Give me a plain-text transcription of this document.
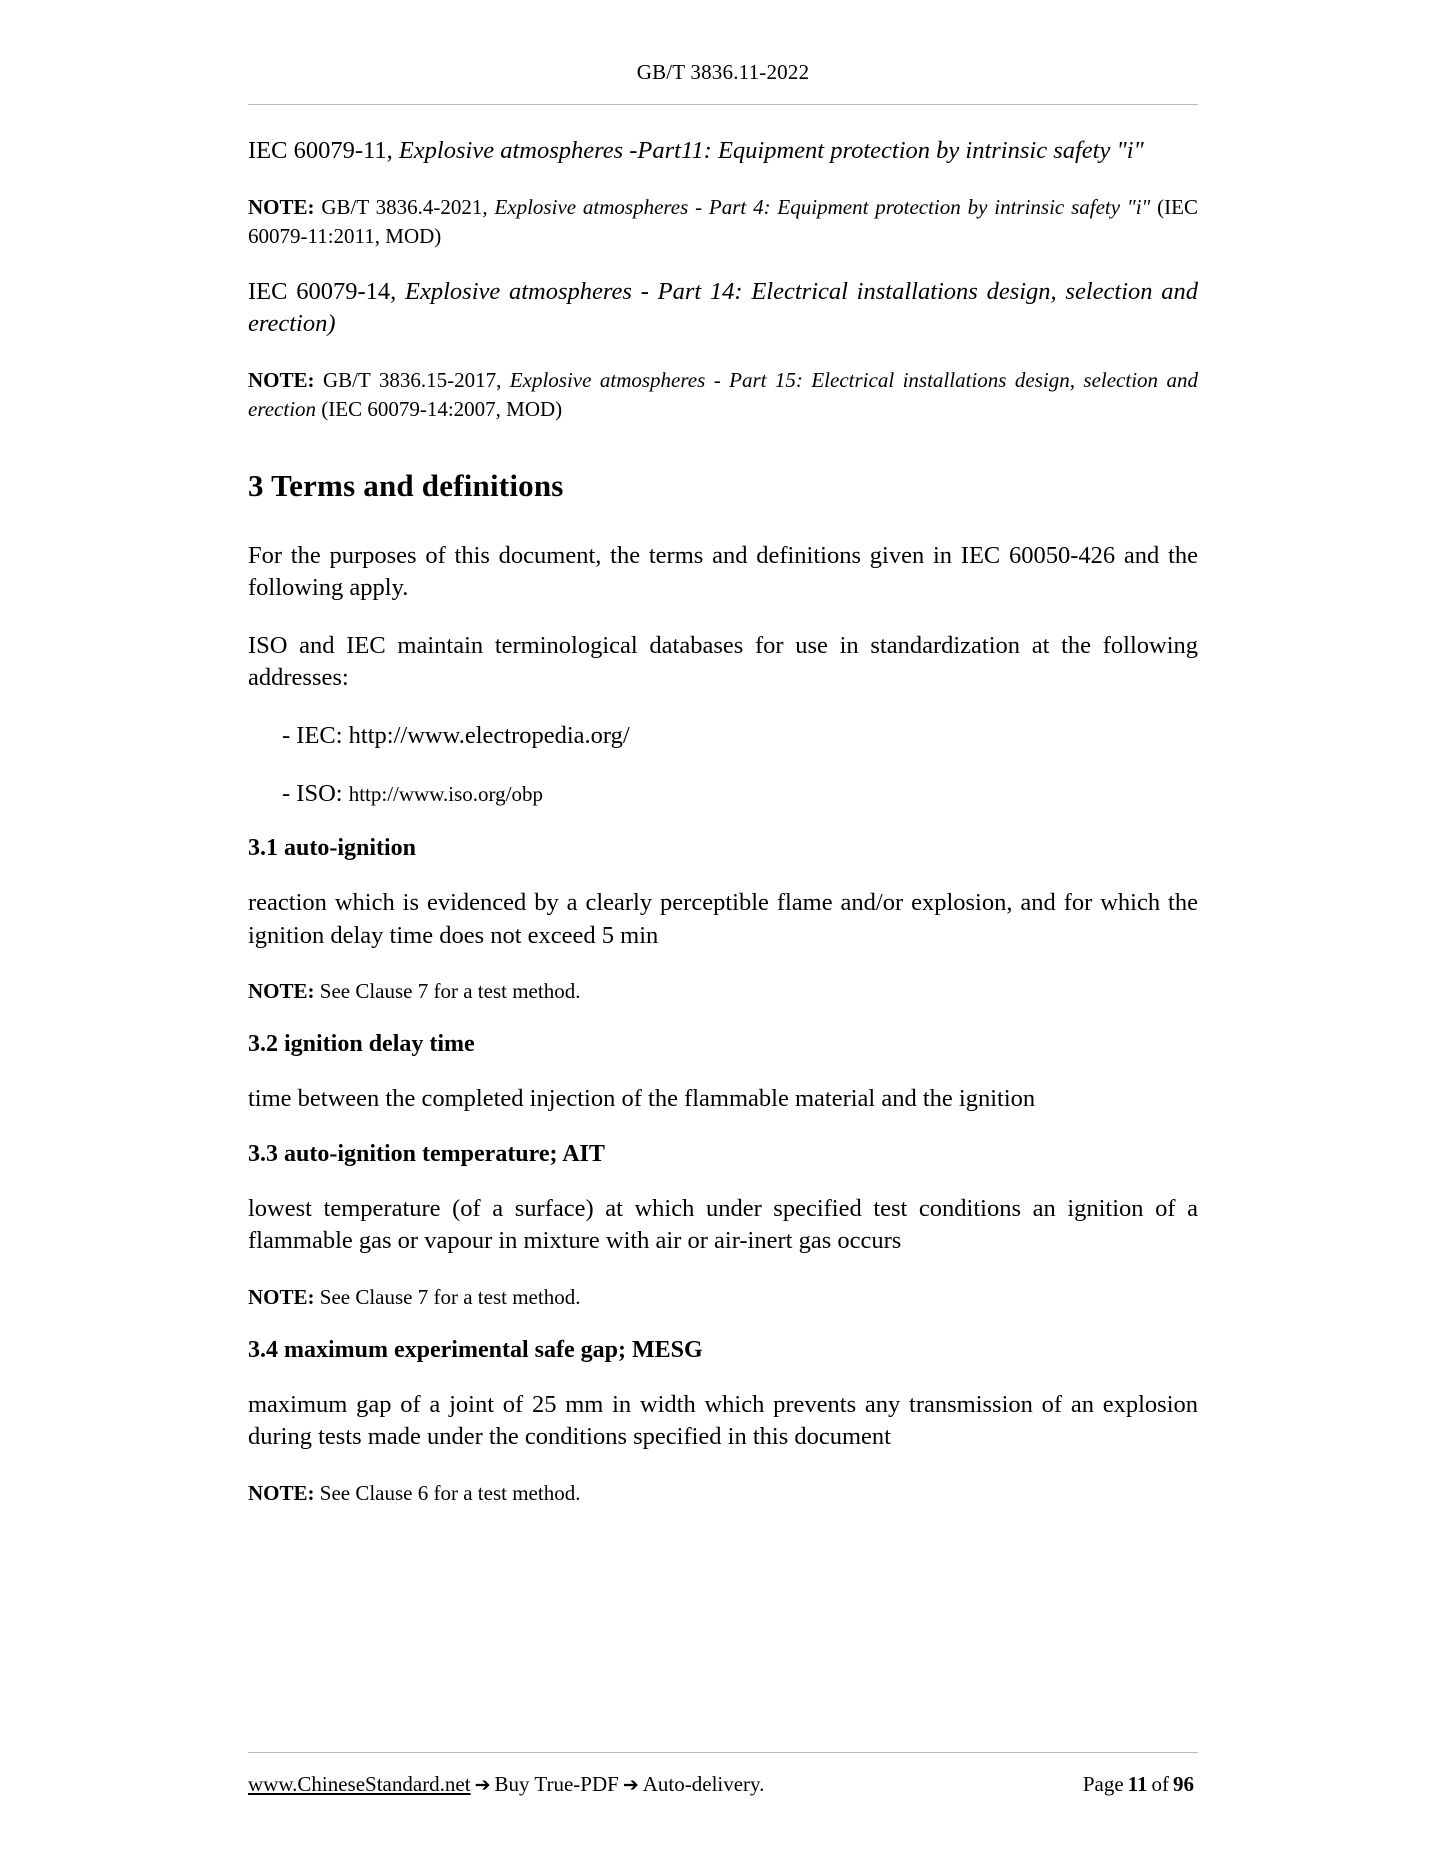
GB/T 3836.11-2022

IEC 60079-11, Explosive atmospheres -Part11: Equipment protection by intrinsic safety "i"

NOTE: GB/T 3836.4-2021, Explosive atmospheres - Part 4: Equipment protection by intrinsic safety "i" (IEC 60079-11:2011, MOD)

IEC 60079-14, Explosive atmospheres - Part 14: Electrical installations design, selection and erection)

NOTE: GB/T 3836.15-2017, Explosive atmospheres - Part 15: Electrical installations design, selection and erection (IEC 60079-14:2007, MOD)

3 Terms and definitions

For the purposes of this document, the terms and definitions given in IEC 60050-426 and the following apply.

ISO and IEC maintain terminological databases for use in standardization at the following addresses:

- IEC: http://www.electropedia.org/
- ISO: http://www.iso.org/obp
3.1 auto-ignition

reaction which is evidenced by a clearly perceptible flame and/or explosion, and for which the ignition delay time does not exceed 5 min

NOTE: See Clause 7 for a test method.

3.2 ignition delay time

time between the completed injection of the flammable material and the ignition

3.3 auto-ignition temperature; AIT

lowest temperature (of a surface) at which under specified test conditions an ignition of a flammable gas or vapour in mixture with air or air-inert gas occurs

NOTE: See Clause 7 for a test method.

3.4 maximum experimental safe gap; MESG

maximum gap of a joint of 25 mm in width which prevents any transmission of an explosion during tests made under the conditions specified in this document

NOTE: See Clause 6 for a test method.

www.ChineseStandard.net ➔ Buy True-PDF ➔ Auto-delivery.	Page 11 of 96
